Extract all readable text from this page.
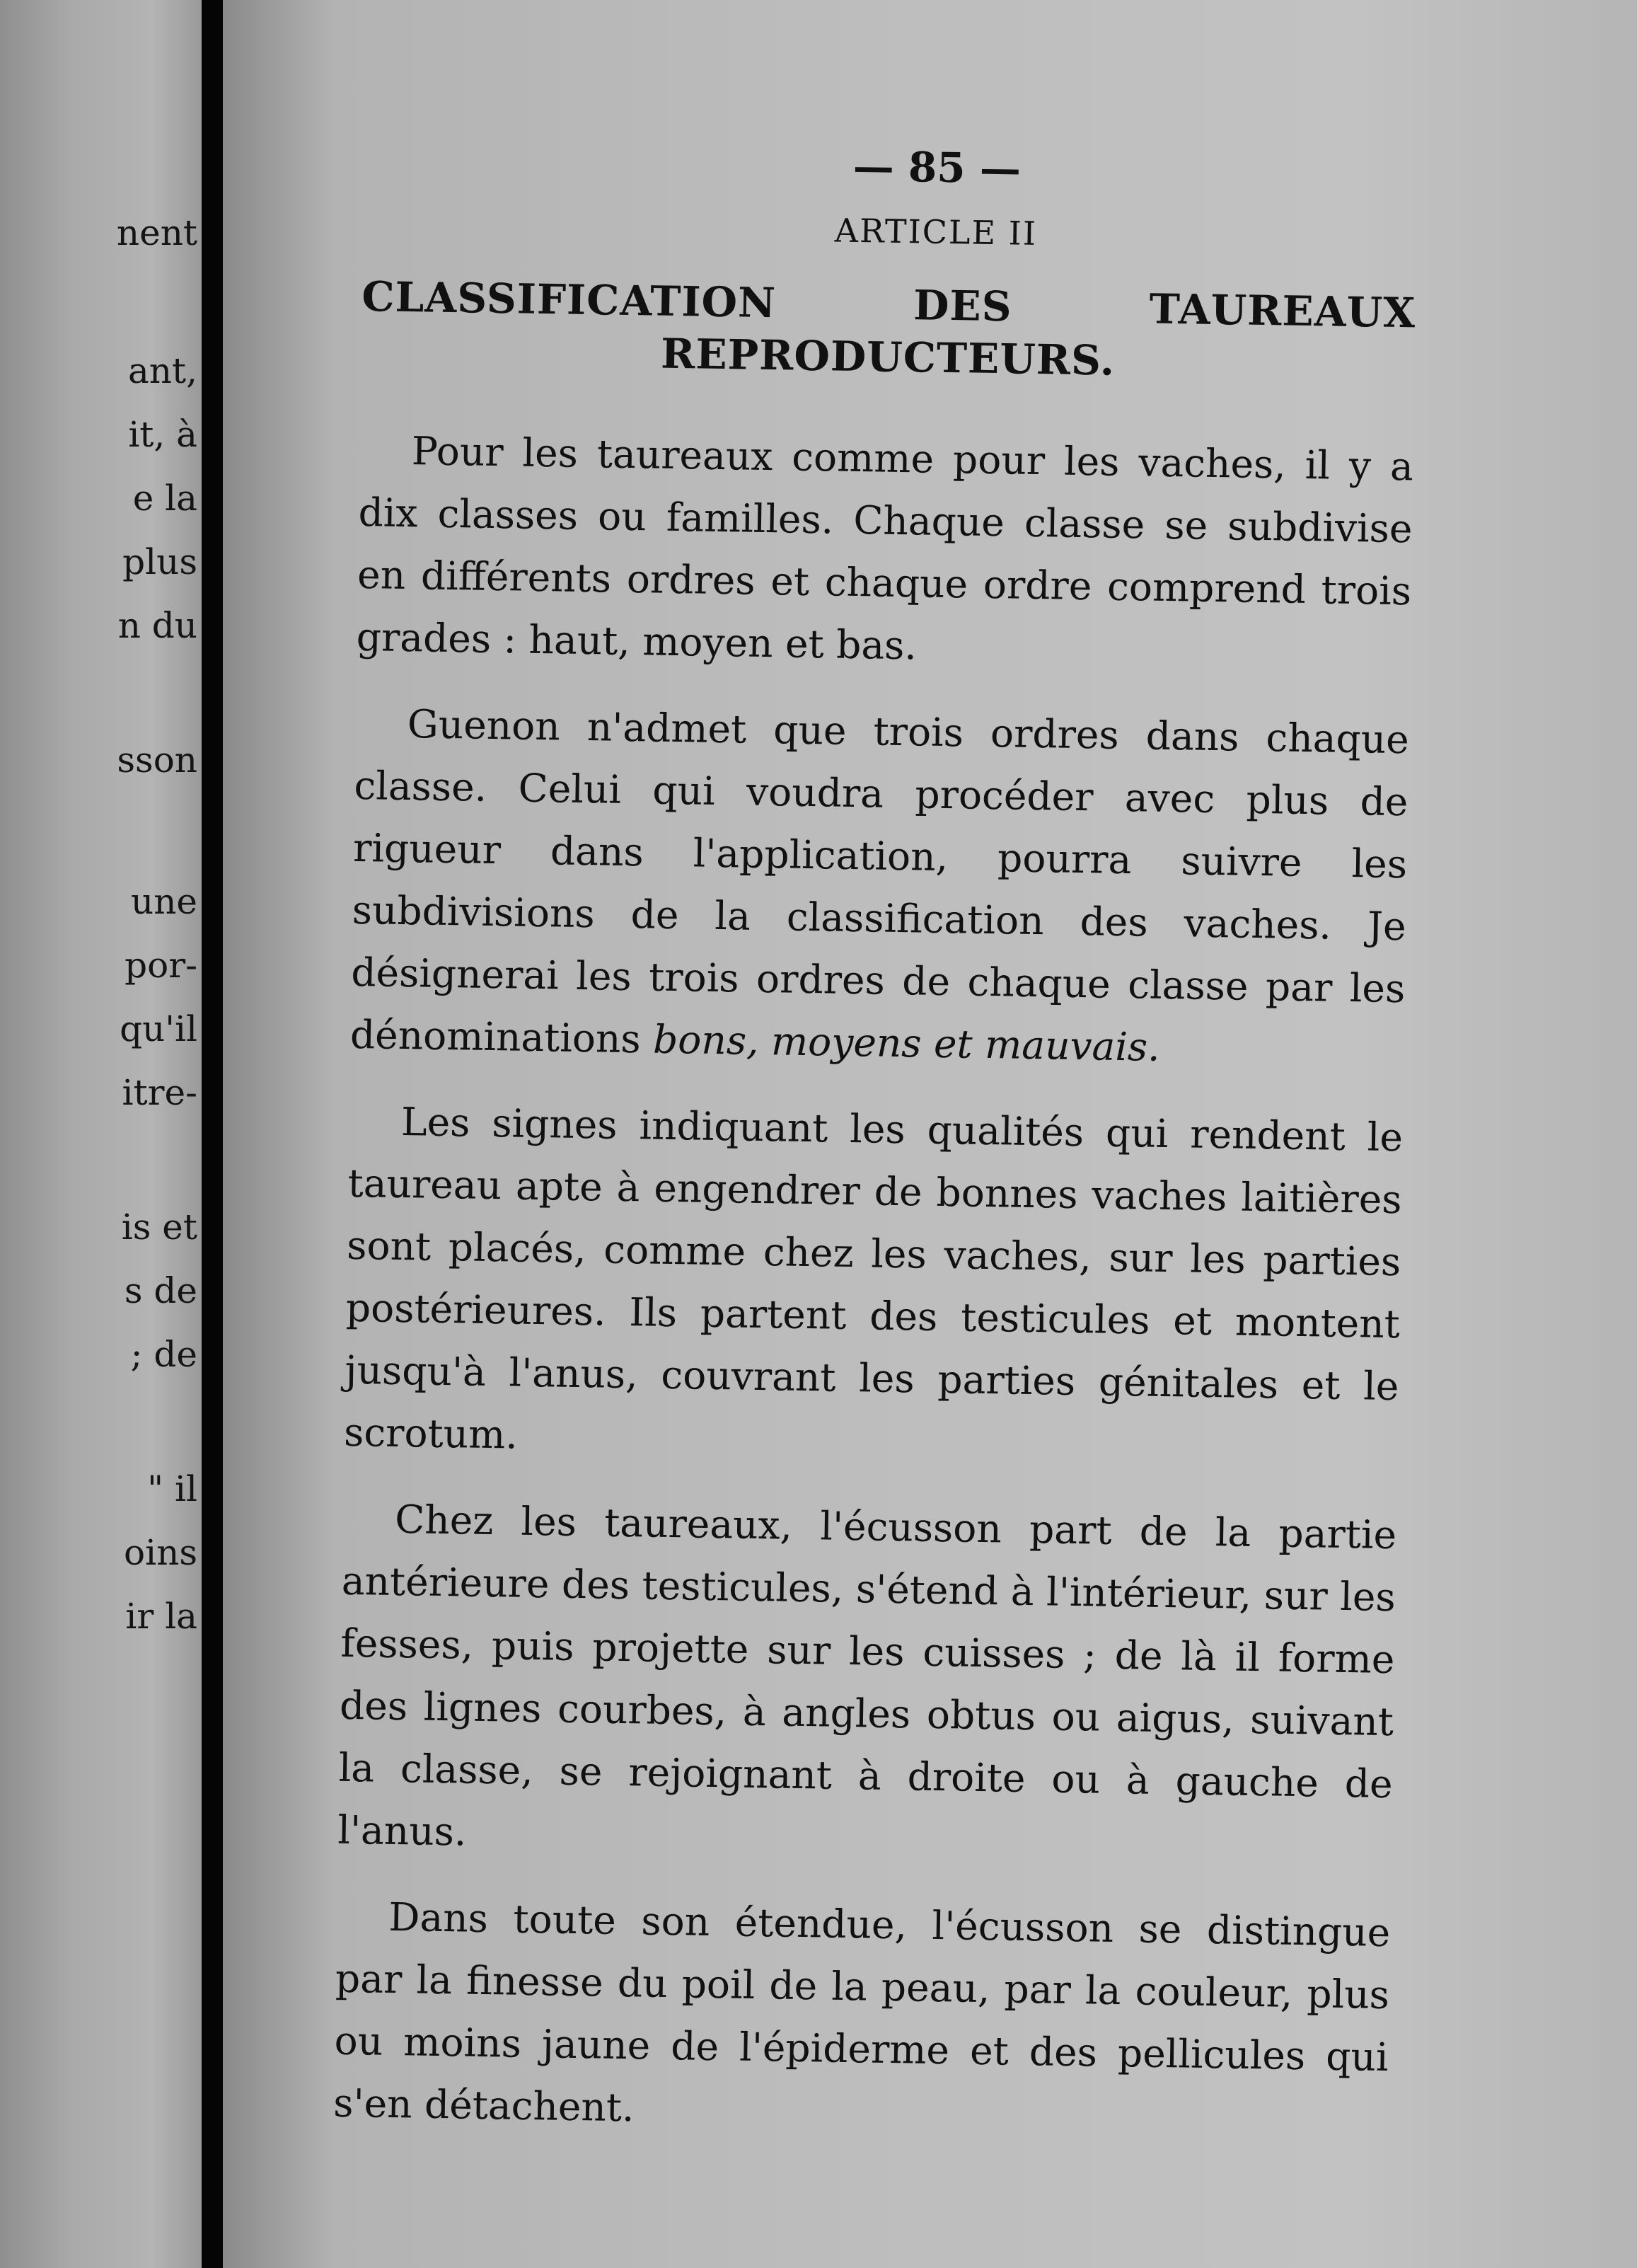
nent
ant,
it, à
e la
plus
n du
sson
une
por-
qu'il
itre-
is et
s de
; de
" il
oins
ir la
— 85 —
ARTICLE II
CLASSIFICATION DES TAUREAUX REPRODUCTEURS.

Pour les taureaux comme pour les vaches, il y a dix classes ou familles. Chaque classe se subdivise en différents ordres et chaque ordre comprend trois grades : haut, moyen et bas.

Guenon n'admet que trois ordres dans chaque classe. Celui qui voudra procéder avec plus de rigueur dans l'application, pourra suivre les subdivisions de la classification des vaches. Je désignerai les trois ordres de chaque classe par les dénominations bons, moyens et mauvais.

Les signes indiquant les qualités qui rendent le taureau apte à engendrer de bonnes vaches laitières sont placés, comme chez les vaches, sur les parties postérieures. Ils partent des testicules et montent jusqu'à l'anus, couvrant les parties génitales et le scrotum.

Chez les taureaux, l'écusson part de la partie antérieure des testicules, s'étend à l'intérieur, sur les fesses, puis projette sur les cuisses ; de là il forme des lignes courbes, à angles obtus ou aigus, suivant la classe, se rejoignant à droite ou à gauche de l'anus.

Dans toute son étendue, l'écusson se distingue par la finesse du poil de la peau, par la couleur, plus ou moins jaune de l'épiderme et des pellicules qui s'en détachent.
